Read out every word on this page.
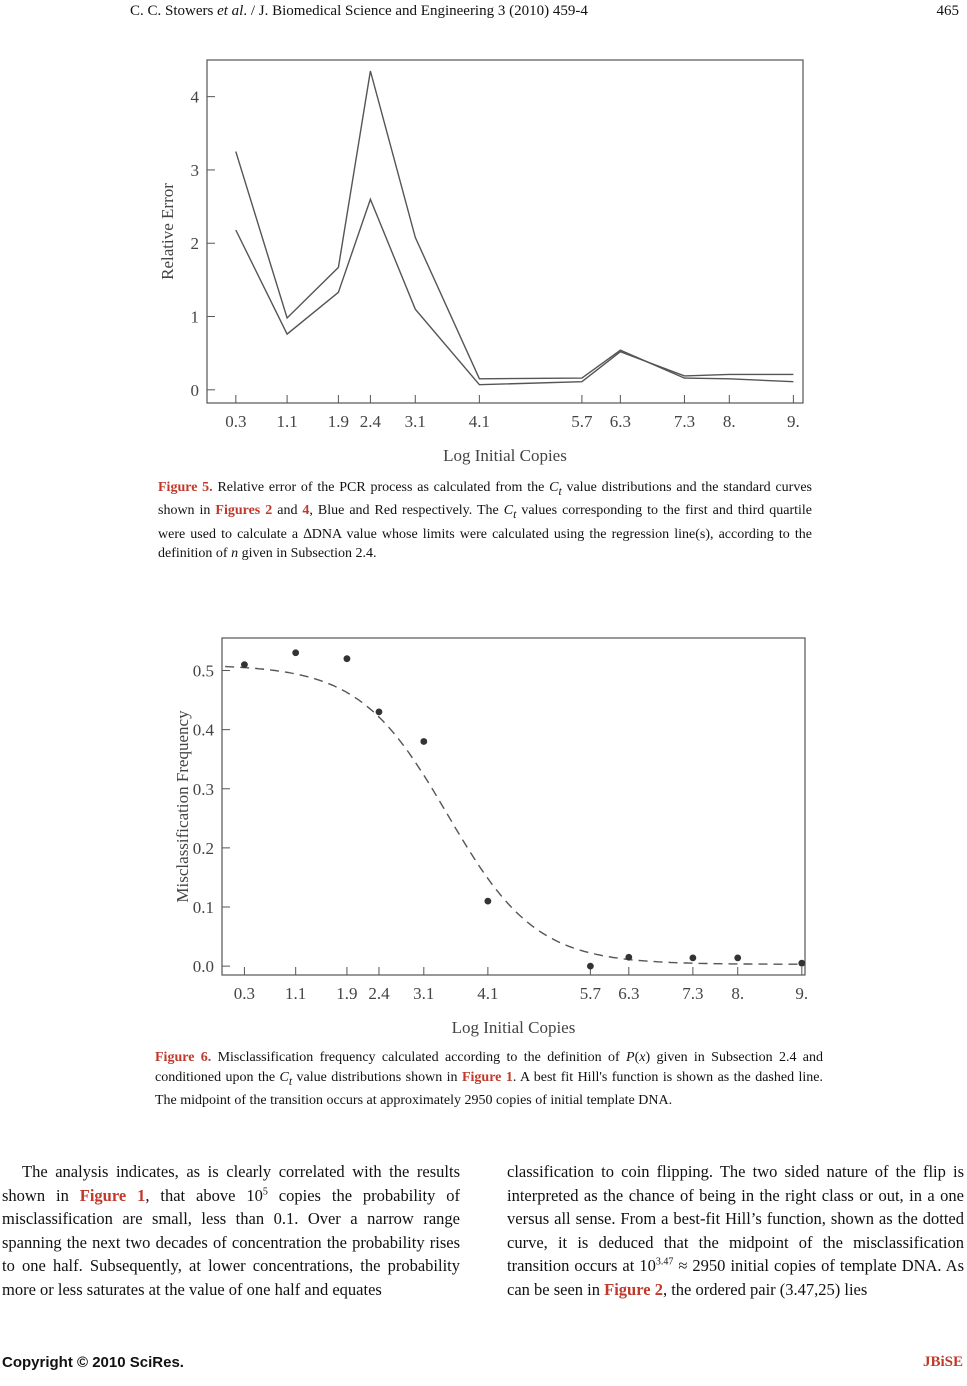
C. C. Stowers et al. / J. Biomedical Science and Engineering 3 (2010) 459-4	465
0
1
2
3
4
0.3 1.1 1.9 2.4 3.1	4.1	5.7 6.3	7.3 8.	9.
Relative Error
Log Initial Copies
Figure 5. Relative error of the PCR process as calculated from the $C_t$ value distributions and the standard curves shown in Figures 2 and 4, Blue and Red respectively. The $C_t$ values corresponding to the first and third quartile were used to calculate a ∆DNA value whose limits were calculated using the regression line(s), according to the definition of n given in Subsection 2.4.
0.0
0.1
0.2
0.3
0.4
0.5
0.3 1.1 1.9 2.4 3.1	4.1	5.7 6.3	7.3 8.	9.
Misclassification Frequency
Log Initial Copies
Figure 6. Misclassification frequency calculated according to the definition of P(x) given in Subsection 2.4 and conditioned upon the $C_t$ value distributions shown in Figure 1. A best fit Hill's function is shown as the dashed line. The midpoint of the transition occurs at approximately 2950 copies of initial template DNA.
The analysis indicates, as is clearly correlated with the results shown in Figure 1, that above $10^5$ copies the probability of misclassification are small, less than 0.1. Over a narrow range spanning the next two decades of concentration the probability rises to one half. Subsequently, at lower concentrations, the probability more or less saturates at the value of one half and equates
classification to coin flipping. The two sided nature of the flip is interpreted as the chance of being in the right class or out, in a one versus all sense. From a best-fit Hill’s function, shown as the dotted curve, it is deduced that the midpoint of the misclassification transition occurs at $10^{3.47} \approx 2950$ initial copies of template DNA. As can be seen in Figure 2, the ordered pair (3.47,25) lies
Copyright © 2010 SciRes.	JBiSE
